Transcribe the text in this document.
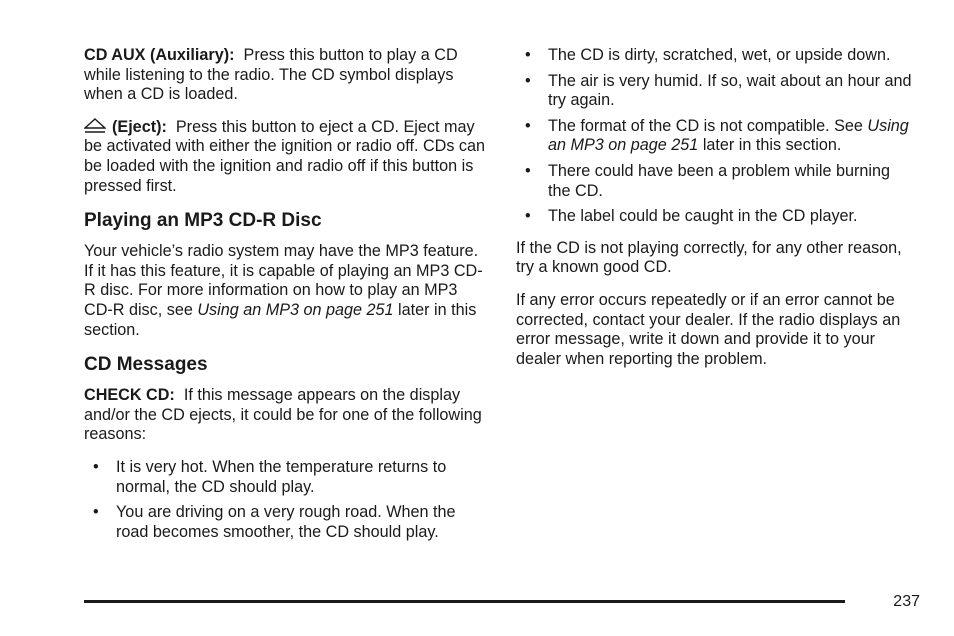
CD AUX (Auxiliary): Press this button to play a CD while listening to the radio. The CD symbol displays when a CD is loaded.

(Eject): Press this button to eject a CD. Eject may be activated with either the ignition or radio off. CDs can be loaded with the ignition and radio off if this button is pressed first.

Playing an MP3 CD-R Disc

Your vehicle’s radio system may have the MP3 feature. If it has this feature, it is capable of playing an MP3 CD-R disc. For more information on how to play an MP3 CD-R disc, see Using an MP3 on page 251 later in this section.

CD Messages

CHECK CD: If this message appears on the display and/or the CD ejects, it could be for one of the following reasons:

• It is very hot. When the temperature returns to normal, the CD should play.
• You are driving on a very rough road. When the road becomes smoother, the CD should play.
• The CD is dirty, scratched, wet, or upside down.
• The air is very humid. If so, wait about an hour and try again.
• The format of the CD is not compatible. See Using an MP3 on page 251 later in this section.
• There could have been a problem while burning the CD.
• The label could be caught in the CD player.

If the CD is not playing correctly, for any other reason, try a known good CD.

If any error occurs repeatedly or if an error cannot be corrected, contact your dealer. If the radio displays an error message, write it down and provide it to your dealer when reporting the problem.

237
